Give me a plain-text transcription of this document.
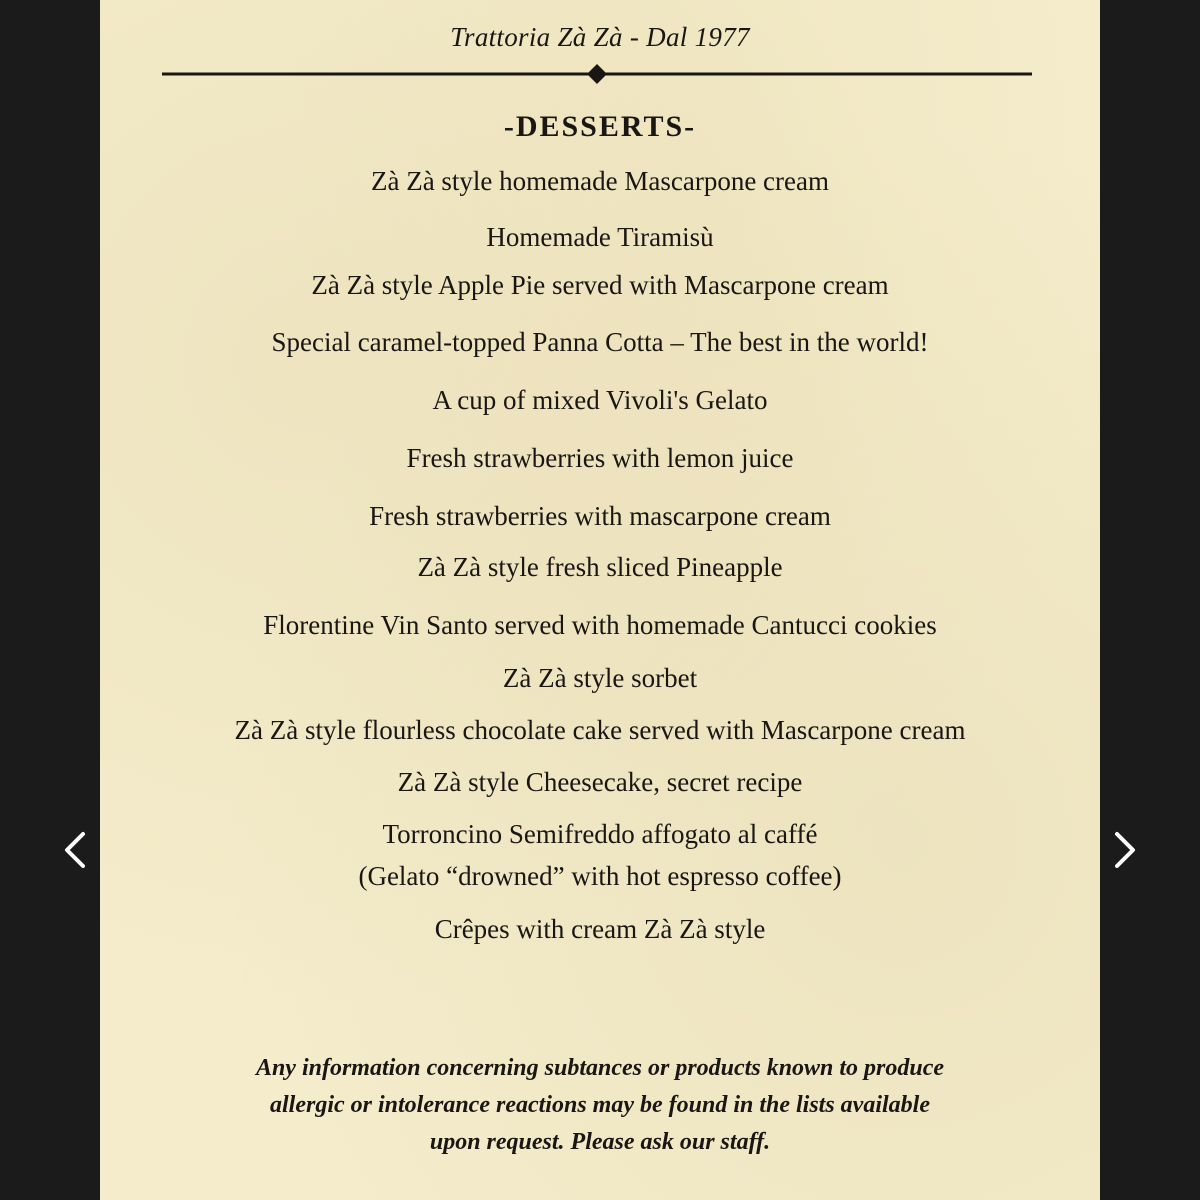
Trattoria Zà Zà - Dal 1977
-DESSERTS-
Zà Zà style homemade Mascarpone cream
Homemade Tiramisù
Zà Zà style Apple Pie served with Mascarpone cream
Special caramel-topped Panna Cotta – The best in the world!
A cup of mixed Vivoli's Gelato
Fresh strawberries with lemon juice
Fresh strawberries with mascarpone cream
Zà Zà style fresh sliced Pineapple
Florentine Vin Santo served with homemade Cantucci cookies
Zà Zà style sorbet
Zà Zà style flourless chocolate cake served with Mascarpone cream
Zà Zà style Cheesecake, secret recipe
Torroncino Semifreddo affogato al caffé
(Gelato “drowned” with hot espresso coffee)
Crêpes with cream Zà Zà style
Any information concerning subtances or products known to produce
allergic or intolerance reactions may be found in the lists available
upon request. Please ask our staff.
